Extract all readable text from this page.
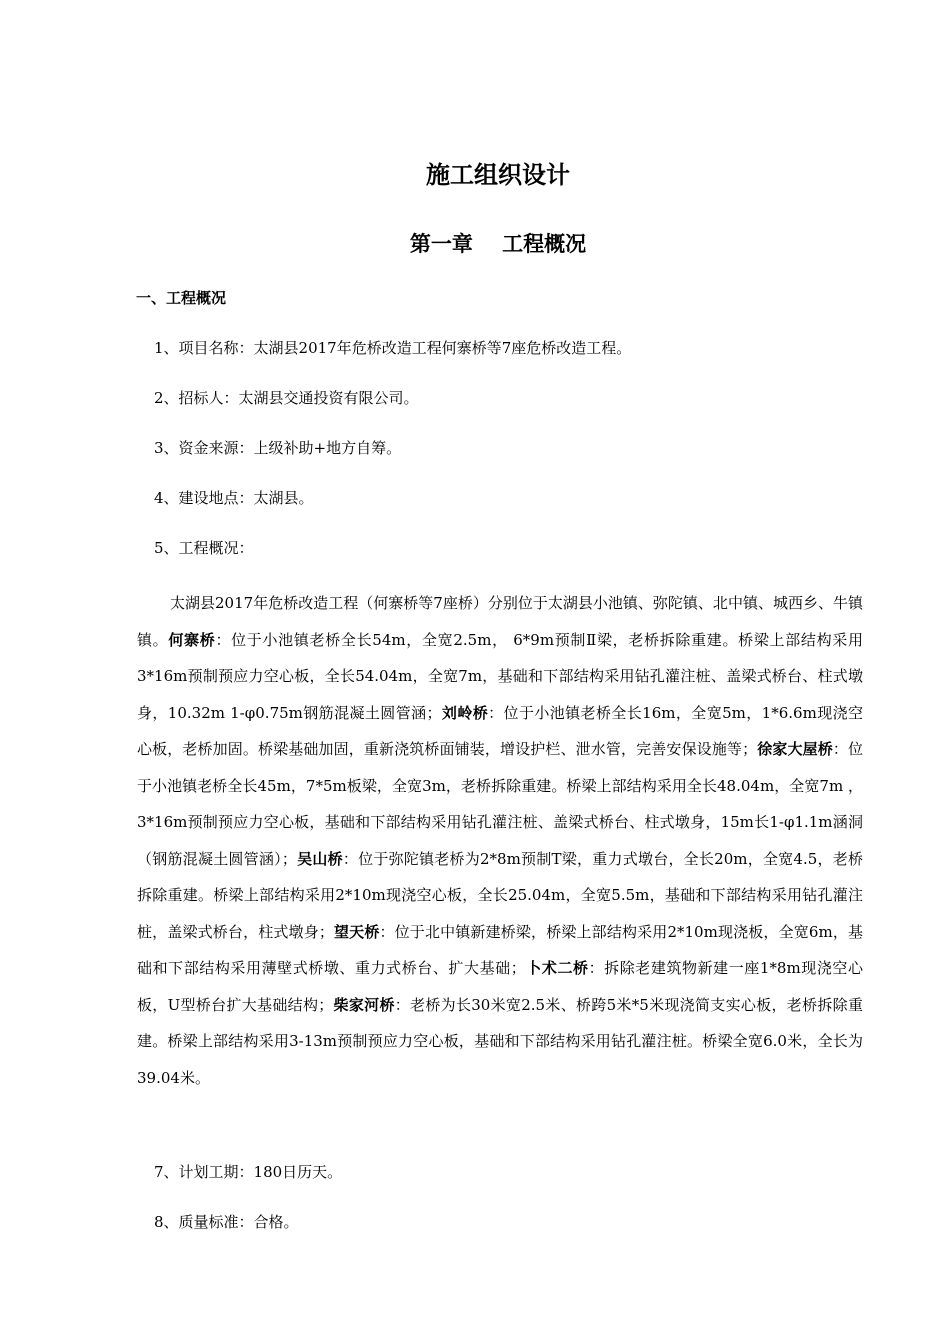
施工组织设计
第一章    工程概况
一、工程概况

1、项目名称：太湖县2017年危桥改造工程何寨桥等7座危桥改造工程。

2、招标人：太湖县交通投资有限公司。

3、资金来源：上级补助+地方自筹。

4、建设地点：太湖县。

5、工程概况：

太湖县2017年危桥改造工程（何寨桥等7座桥）分别位于太湖县小池镇、弥陀镇、北中镇、城西乡、牛镇镇。何寨桥：位于小池镇老桥全长54m，全宽2.5m， 6*9m预制Ⅱ梁，老桥拆除重建。桥梁上部结构采用3*16m预制预应力空心板，全长54.04m，全宽7m，基础和下部结构采用钻孔灌注桩、盖梁式桥台、柱式墩身，10.32m 1-φ0.75m钢筋混凝土圆管涵；刘岭桥：位于小池镇老桥全长16m，全宽5m，1*6.6m现浇空心板，老桥加固。桥梁基础加固，重新浇筑桥面铺装，增设护栏、泄水管，完善安保设施等；徐家大屋桥：位于小池镇老桥全长45m，7*5m板梁，全宽3m，老桥拆除重建。桥梁上部结构采用全长48.04m，全宽7m ，3*16m预制预应力空心板，基础和下部结构采用钻孔灌注桩、盖梁式桥台、柱式墩身，15m长1-φ1.1m涵洞（钢筋混凝土圆管涵）；吴山桥：位于弥陀镇老桥为2*8m预制T梁，重力式墩台，全长20m，全宽4.5，老桥拆除重建。桥梁上部结构采用2*10m现浇空心板，全长25.04m，全宽5.5m，基础和下部结构采用钻孔灌注桩，盖梁式桥台，柱式墩身；望天桥：位于北中镇新建桥梁，桥梁上部结构采用2*10m现浇板，全宽6m，基础和下部结构采用薄壁式桥墩、重力式桥台、扩大基础；卜术二桥：拆除老建筑物新建一座1*8m现浇空心板，U型桥台扩大基础结构；柴家河桥：老桥为长30米宽2.5米、桥跨5米*5米现浇简支实心板，老桥拆除重建。桥梁上部结构采用3-13m预制预应力空心板，基础和下部结构采用钻孔灌注桩。桥梁全宽6.0米，全长为39.04米。

7、计划工期：180日历天。

8、质量标准：合格。
